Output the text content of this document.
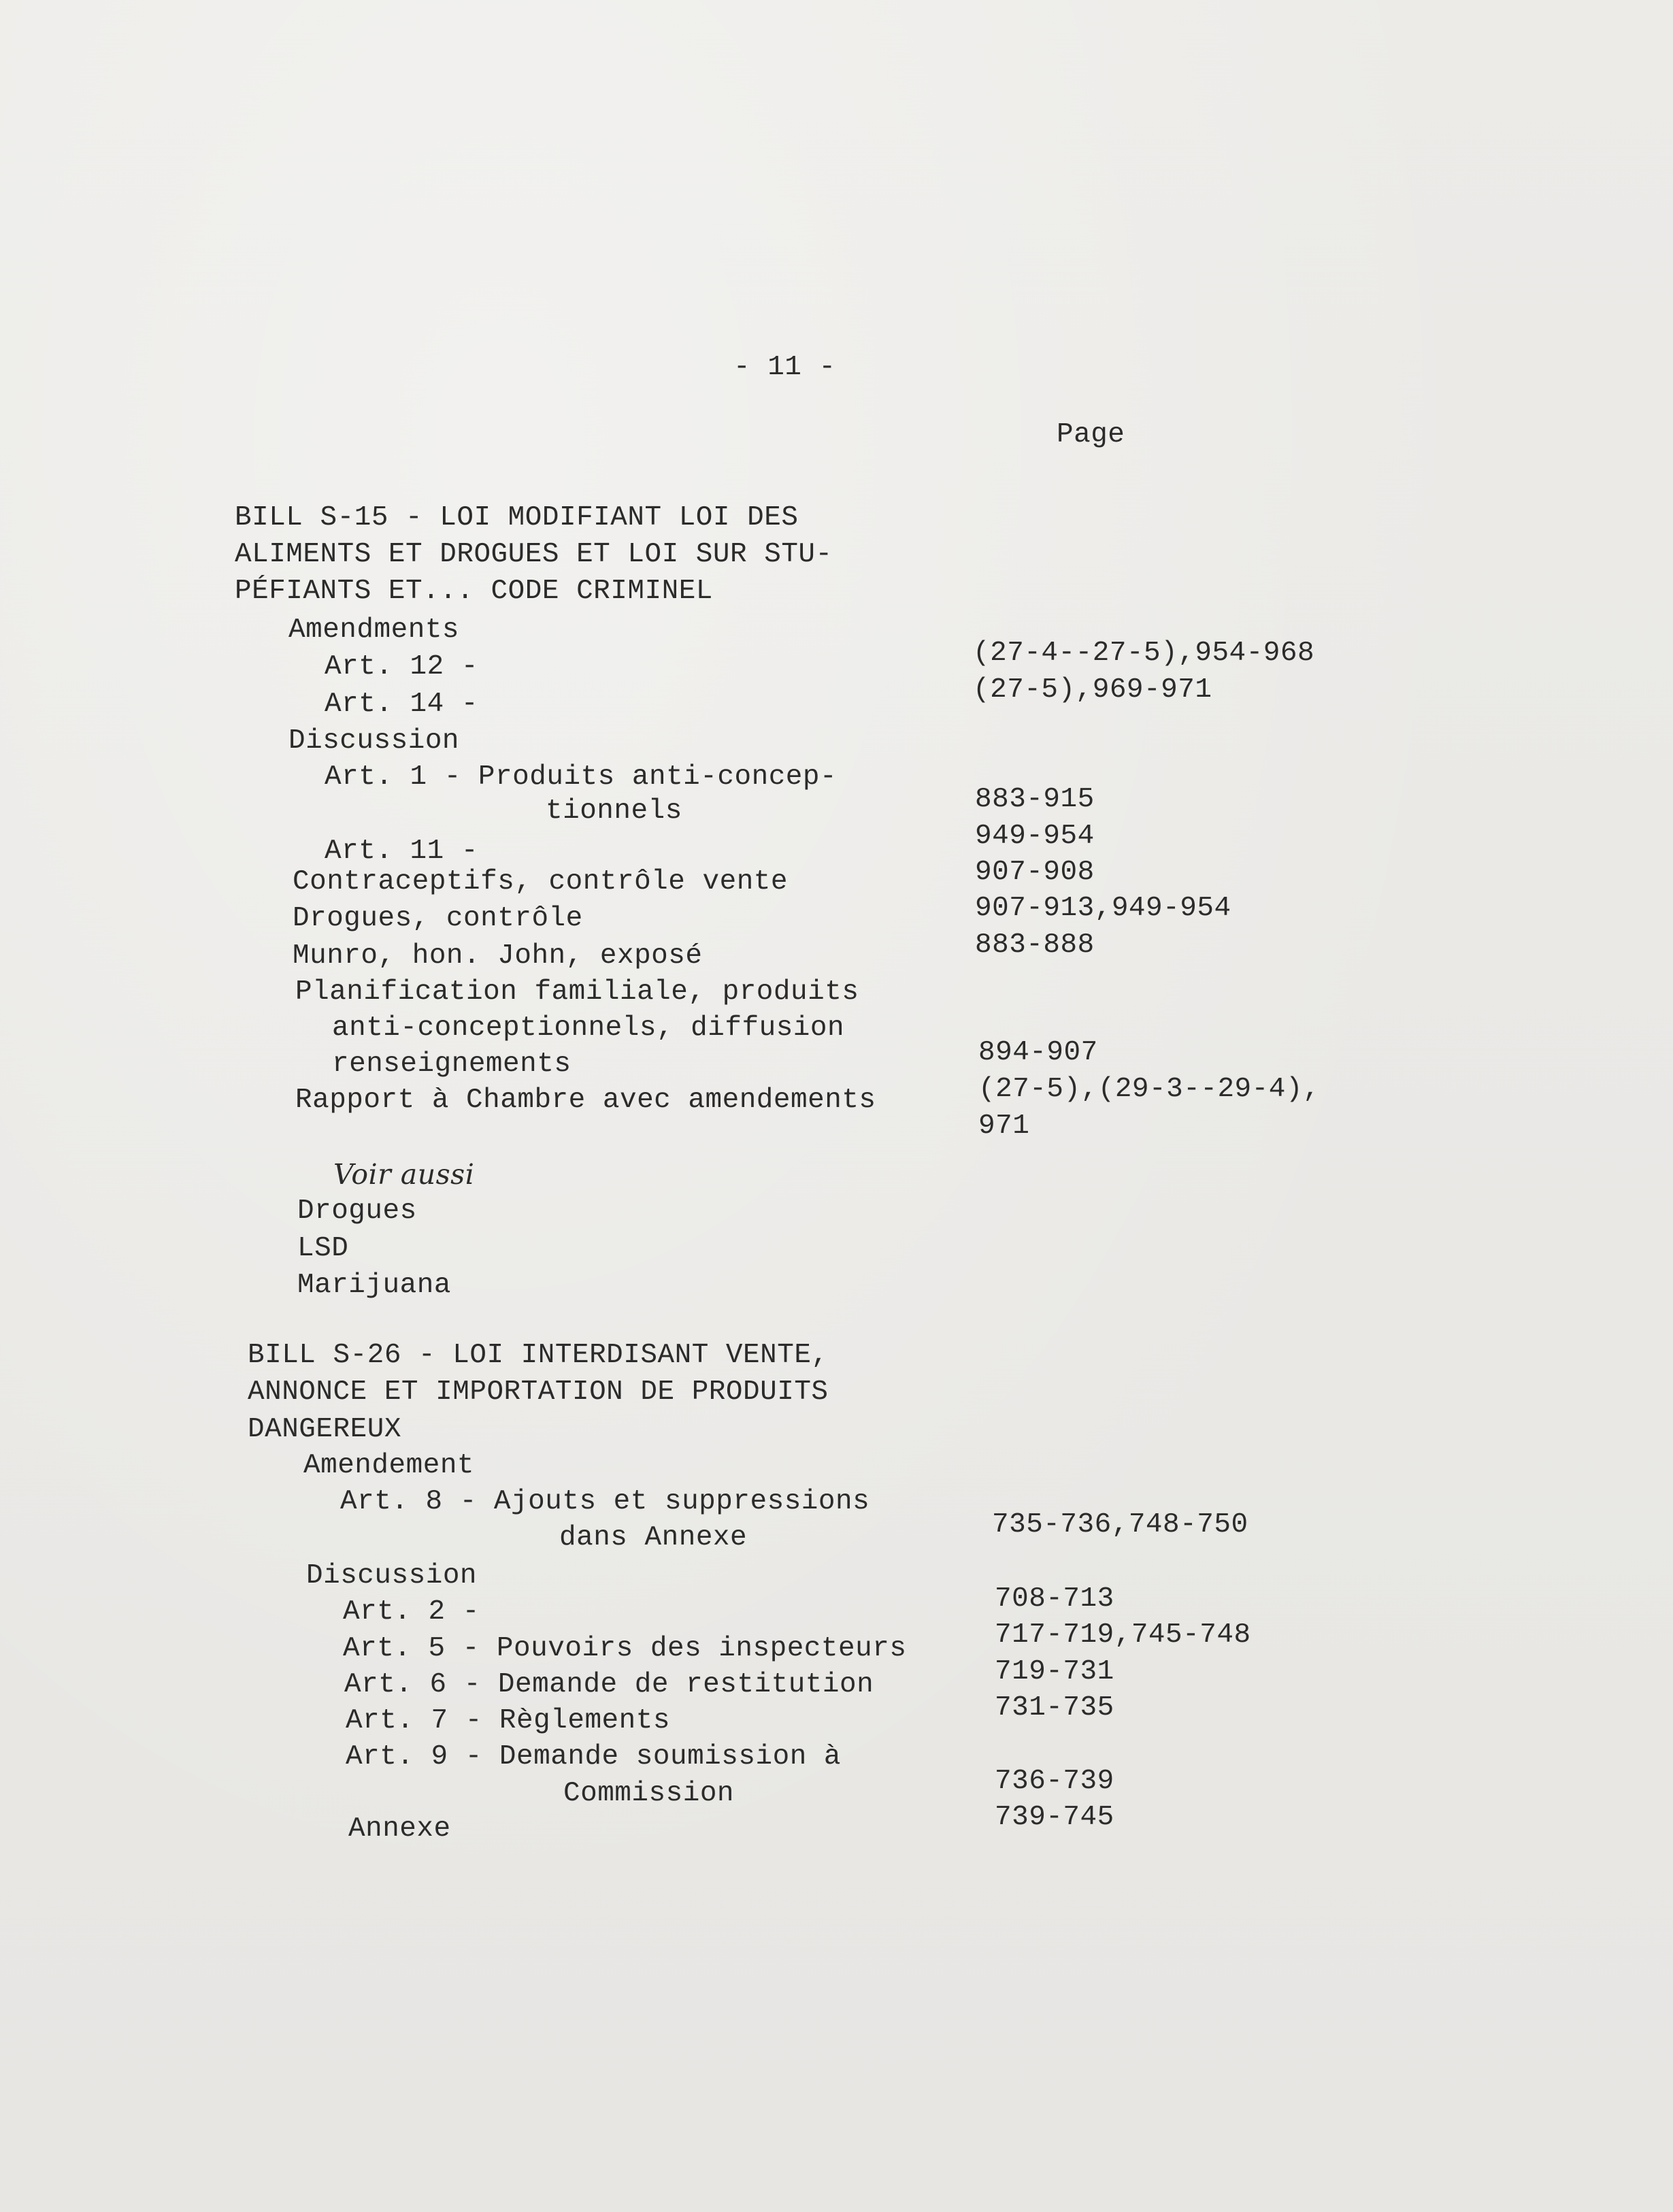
- 11 -
Page
BILL S-15 - LOI MODIFIANT LOI DES
ALIMENTS ET DROGUES ET LOI SUR STU-
PÉFIANTS ET... CODE CRIMINEL
Amendments
Art. 12 -	(27-4--27-5),954-968
Art. 14 -	(27-5),969-971
Discussion
Art. 1 - Produits anti-concep-
tionnels	883-915
Art. 11 -	949-954
Contraceptifs, contrôle vente	907-908
Drogues, contrôle	907-913,949-954
Munro, hon. John, exposé	883-888
Planification familiale, produits
anti-conceptionnels, diffusion
renseignements	894-907
Rapport à Chambre avec amendements	(27-5),(29-3--29-4),
971
Voir aussi
Drogues
LSD
Marijuana
BILL S-26 - LOI INTERDISANT VENTE,
ANNONCE ET IMPORTATION DE PRODUITS
DANGEREUX
Amendement
Art. 8 - Ajouts et suppressions
dans Annexe	735-736,748-750
Discussion
Art. 2 -	708-713
Art. 5 - Pouvoirs des inspecteurs	717-719,745-748
Art. 6 - Demande de restitution	719-731
Art. 7 - Règlements	731-735
Art. 9 - Demande soumission à
Commission	736-739
Annexe	739-745
